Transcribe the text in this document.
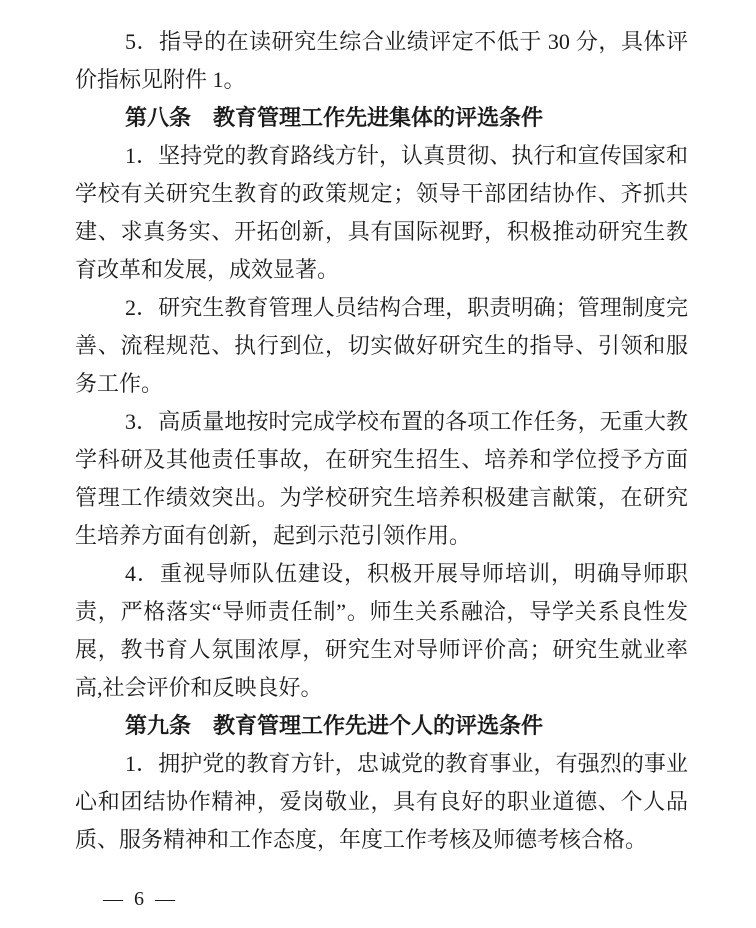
5．指导的在读研究生综合业绩评定不低于 30 分，具体评价指标见附件 1。

第八条　教育管理工作先进集体的评选条件

1．坚持党的教育路线方针，认真贯彻、执行和宣传国家和学校有关研究生教育的政策规定；领导干部团结协作、齐抓共建、求真务实、开拓创新，具有国际视野，积极推动研究生教育改革和发展，成效显著。

2．研究生教育管理人员结构合理，职责明确；管理制度完善、流程规范、执行到位，切实做好研究生的指导、引领和服务工作。

3．高质量地按时完成学校布置的各项工作任务，无重大教学科研及其他责任事故，在研究生招生、培养和学位授予方面管理工作绩效突出。为学校研究生培养积极建言献策，在研究生培养方面有创新，起到示范引领作用。

4．重视导师队伍建设，积极开展导师培训，明确导师职责，严格落实“导师责任制”。师生关系融洽，导学关系良性发展，教书育人氛围浓厚，研究生对导师评价高；研究生就业率高,社会评价和反映良好。

第九条　教育管理工作先进个人的评选条件

1．拥护党的教育方针，忠诚党的教育事业，有强烈的事业心和团结协作精神，爱岗敬业，具有良好的职业道德、个人品质、服务精神和工作态度，年度工作考核及师德考核合格。

— 6 —
